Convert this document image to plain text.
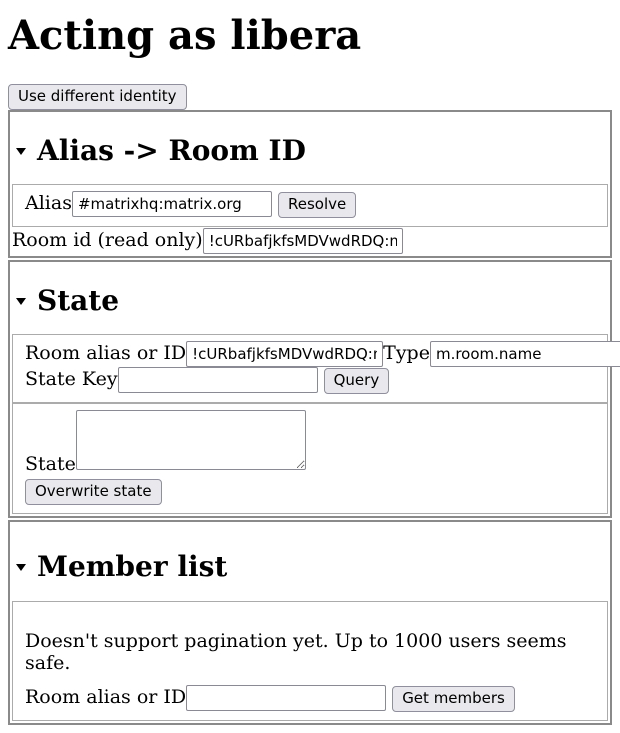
Acting as libera
Use different identity
Alias -> Room ID
Alias#matrixhq:matrix.org	Resolve
Room id (read only)!cURbafjkfsMDVwdRDQ:matrix.
State
Room alias or ID!cURbafjkfsMDVwdRDQ:matrix.	Typem.room.name
State Key	Query
State
Overwrite state
Member list
Doesn't support pagination yet. Up to 1000 users seems safe.
Room alias or ID	Get members
